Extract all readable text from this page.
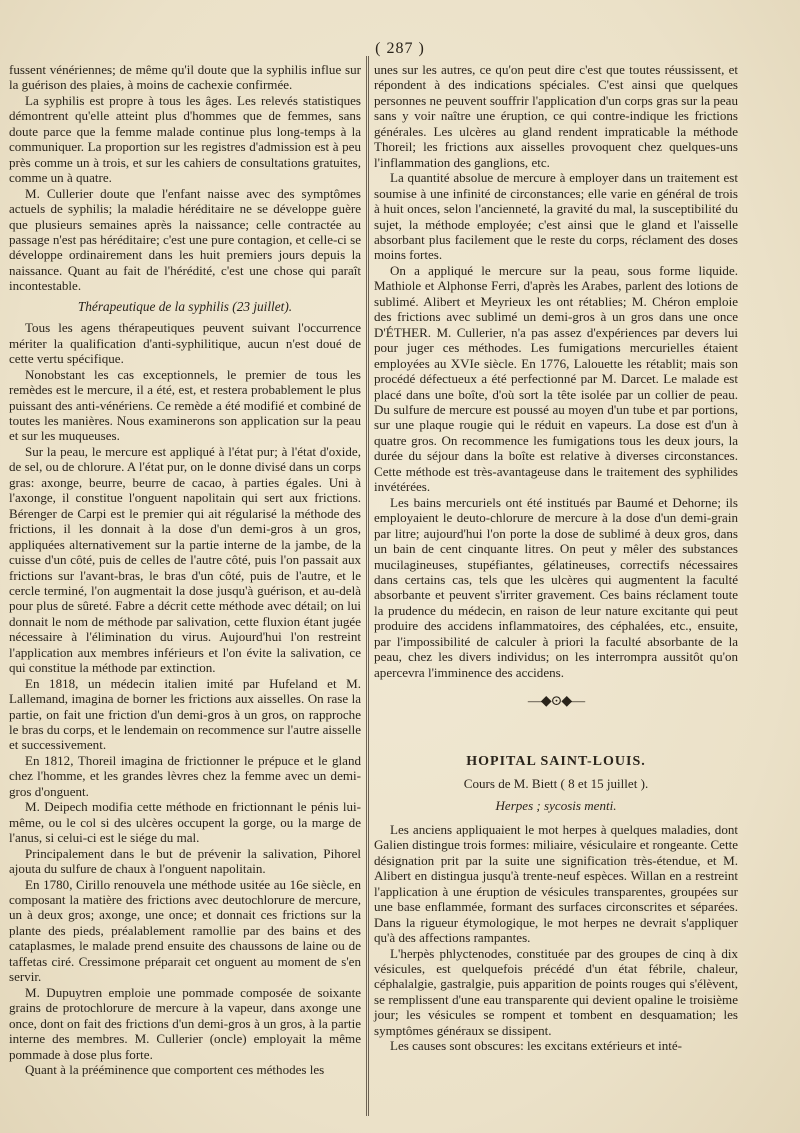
( 287 )

fussent vénériennes; de même qu'il doute que la syphilis influe sur la guérison des plaies, à moins de cachexie confirmée.

La syphilis est propre à tous les âges. Les relevés statistiques démontrent qu'elle atteint plus d'hommes que de femmes, sans doute parce que la femme malade continue plus long-temps à la communiquer. La proportion sur les registres d'admission est à peu près comme un à trois, et sur les cahiers de consultations gratuites, comme un à quatre.

M. Cullerier doute que l'enfant naisse avec des symptômes actuels de syphilis; la maladie héréditaire ne se développe guère que plusieurs semaines après la naissance; celle contractée au passage n'est pas héréditaire; c'est une pure contagion, et celle-ci se développe ordinairement dans les huit premiers jours depuis la naissance. Quant au fait de l'hérédité, c'est une chose qui paraît incontestable.

Thérapeutique de la syphilis (23 juillet).

Tous les agens thérapeutiques peuvent suivant l'occurrence mériter la qualification d'anti-syphilitique, aucun n'est doué de cette vertu spécifique.

Nonobstant les cas exceptionnels, le premier de tous les remèdes est le mercure, il a été, est, et restera probablement le plus puissant des anti-vénériens. Ce remède a été modifié et combiné de toutes les manières. Nous examinerons son application sur la peau et sur les muqueuses.

Sur la peau, le mercure est appliqué à l'état pur; à l'état d'oxide, de sel, ou de chlorure. A l'état pur, on le donne divisé dans un corps gras: axonge, beurre, beurre de cacao, à parties égales. Uni à l'axonge, il constitue l'onguent napolitain qui sert aux frictions. Bérenger de Carpi est le premier qui ait régularisé la méthode des frictions, il les donnait à la dose d'un demi-gros à un gros, appliquées alternativement sur la partie interne de la jambe, de la cuisse d'un côté, puis de celles de l'autre côté, puis l'on passait aux frictions sur l'avant-bras, le bras d'un côté, puis de l'autre, et le cercle terminé, l'on augmentait la dose jusqu'à guérison, et au-delà pour plus de sûreté. Fabre a décrit cette méthode avec détail; on lui donnait le nom de méthode par salivation, cette fluxion étant jugée nécessaire à l'élimination du virus. Aujourd'hui l'on restreint l'application aux membres inférieurs et l'on évite la salivation, ce qui constitue la méthode par extinction.

En 1818, un médecin italien imité par Hufeland et M. Lallemand, imagina de borner les frictions aux aisselles. On rase la partie, on fait une friction d'un demi-gros à un gros, on rapproche le bras du corps, et le lendemain on recommence sur l'autre aisselle et successivement.

En 1812, Thoreil imagina de frictionner le prépuce et le gland chez l'homme, et les grandes lèvres chez la femme avec un demi-gros d'onguent.

M. Deipech modifia cette méthode en frictionnant le pénis lui-même, ou le col si des ulcères occupent la gorge, ou la marge de l'anus, si celui-ci est le siége du mal.

Principalement dans le but de prévenir la salivation, Pihorel ajouta du sulfure de chaux à l'onguent napolitain.

En 1780, Cirillo renouvela une méthode usitée au 16e siècle, en composant la matière des frictions avec deutochlorure de mercure, un à deux gros; axonge, une once; et donnait ces frictions sur la plante des pieds, préalablement ramollie par des bains et des cataplasmes, le malade prend ensuite des chaussons de laine ou de taffetas ciré. Cressimone préparait cet onguent au moment de s'en servir.

M. Dupuytren emploie une pommade composée de soixante grains de protochlorure de mercure à la vapeur, dans axonge une once, dont on fait des frictions d'un demi-gros à un gros, à la partie interne des membres. M. Cullerier (oncle) employait la même pommade à dose plus forte.

Quant à la prééminence que comportent ces méthodes les

unes sur les autres, ce qu'on peut dire c'est que toutes réussissent, et répondent à des indications spéciales. C'est ainsi que quelques personnes ne peuvent souffrir l'application d'un corps gras sur la peau sans y voir naître une éruption, ce qui contre-indique les frictions générales. Les ulcères au gland rendent impraticable la méthode Thoreil; les frictions aux aisselles provoquent chez quelques-uns l'inflammation des ganglions, etc.

La quantité absolue de mercure à employer dans un traitement est soumise à une infinité de circonstances; elle varie en général de trois à huit onces, selon l'ancienneté, la gravité du mal, la susceptibilité du sujet, la méthode employée; c'est ainsi que le gland et l'aisselle absorbant plus facilement que le reste du corps, réclament des doses moins fortes.

On a appliqué le mercure sur la peau, sous forme liquide. Mathiole et Alphonse Ferri, d'après les Arabes, parlent des lotions de sublimé. Alibert et Meyrieux les ont rétablies; M. Chéron emploie des frictions avec sublimé un demi-gros à un gros dans une once D'ÉTHER. M. Cullerier, n'a pas assez d'expériences par devers lui pour juger ces méthodes. Les fumigations mercurielles étaient employées au XVIe siècle. En 1776, Lalouette les rétablit; mais son procédé défectueux a été perfectionné par M. Darcet. Le malade est placé dans une boîte, d'où sort la tête isolée par un collier de peau. Du sulfure de mercure est poussé au moyen d'un tube et par portions, sur une plaque rougie qui le réduit en vapeurs. La dose est d'un à quatre gros. On recommence les fumigations tous les deux jours, la durée du séjour dans la boîte est relative à diverses circonstances. Cette méthode est très-avantageuse dans le traitement des syphilides invétérées.

Les bains mercuriels ont été institués par Baumé et Dehorne; ils employaient le deuto-chlorure de mercure à la dose d'un demi-grain par litre; aujourd'hui l'on porte la dose de sublimé à deux gros, dans un bain de cent cinquante litres. On peut y mêler des substances mucilagineuses, stupéfiantes, gélatineuses, correctifs nécessaires dans certains cas, tels que les ulcères qui augmentent la faculté absorbante et peuvent s'irriter gravement. Ces bains réclament toute la prudence du médecin, en raison de leur nature excitante qui peut produire des accidens inflammatoires, des céphalées, etc., ensuite, par l'impossibilité de calculer à priori la faculté absorbante de la peau, chez les divers individus; on les interrompra aussitôt qu'on apercevra l'imminence des accidens.

—◆⊙◆—
HOPITAL SAINT-LOUIS.
Cours de M. Biett ( 8 et 15 juillet ).
Herpes ; sycosis menti.

Les anciens appliquaient le mot herpes à quelques maladies, dont Galien distingue trois formes: miliaire, vésiculaire et rongeante. Cette désignation prit par la suite une signification très-étendue, et M. Alibert en distingua jusqu'à trente-neuf espèces. Willan en a restreint l'application à une éruption de vésicules transparentes, groupées sur une base enflammée, formant des surfaces circonscrites et séparées. Dans la rigueur étymologique, le mot herpes ne devrait s'appliquer qu'à des affections rampantes.

L'herpès phlyctenodes, constituée par des groupes de cinq à dix vésicules, est quelquefois précédé d'un état fébrile, chaleur, céphalalgie, gastralgie, puis apparition de points rouges qui s'élèvent, se remplissent d'une eau transparente qui devient opaline le troisième jour; les vésicules se rompent et tombent en desquamation; les symptômes généraux se dissipent.

Les causes sont obscures: les excitans extérieurs et inté-
